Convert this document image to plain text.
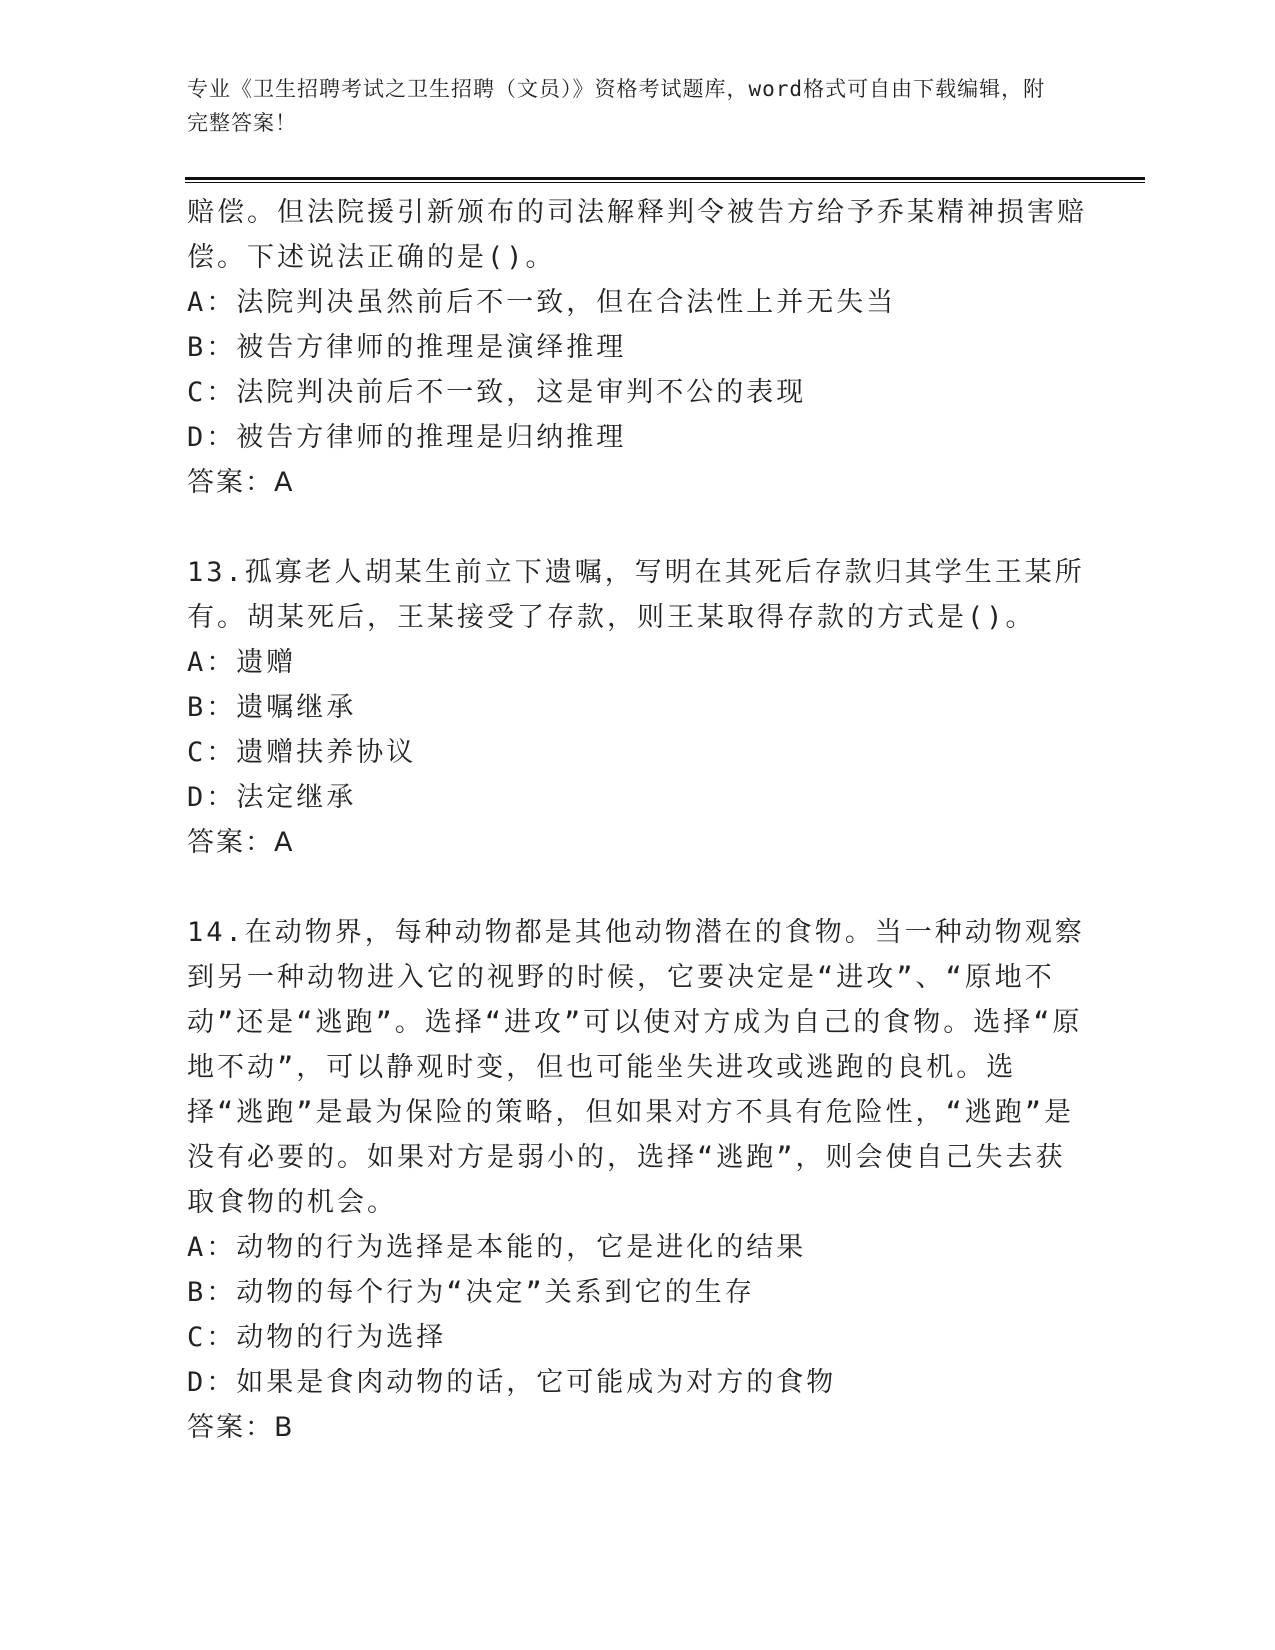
专业《卫生招聘考试之卫生招聘（文员）》资格考试题库，word格式可自由下载编辑，附完整答案！

赔偿。但法院援引新颁布的司法解释判令被告方给予乔某精神损害赔偿。下述说法正确的是()。

A：法院判决虽然前后不一致，但在合法性上并无失当

B：被告方律师的推理是演绎推理

C：法院判决前后不一致，这是审判不公的表现

D：被告方律师的推理是归纳推理

答案：A

13.孤寡老人胡某生前立下遗嘱，写明在其死后存款归其学生王某所有。胡某死后，王某接受了存款，则王某取得存款的方式是()。

A：遗赠

B：遗嘱继承

C：遗赠扶养协议

D：法定继承

答案：A

14.在动物界，每种动物都是其他动物潜在的食物。当一种动物观察到另一种动物进入它的视野的时候，它要决定是“进攻”、“原地不动”还是“逃跑”。选择“进攻”可以使对方成为自己的食物。选择“原地不动”，可以静观时变，但也可能坐失进攻或逃跑的良机。选择“逃跑”是最为保险的策略，但如果对方不具有危险性，“逃跑”是没有必要的。如果对方是弱小的，选择“逃跑”，则会使自己失去获取食物的机会。

A：动物的行为选择是本能的，它是进化的结果

B：动物的每个行为“决定”关系到它的生存

C：动物的行为选择

D：如果是食肉动物的话，它可能成为对方的食物

答案：B
